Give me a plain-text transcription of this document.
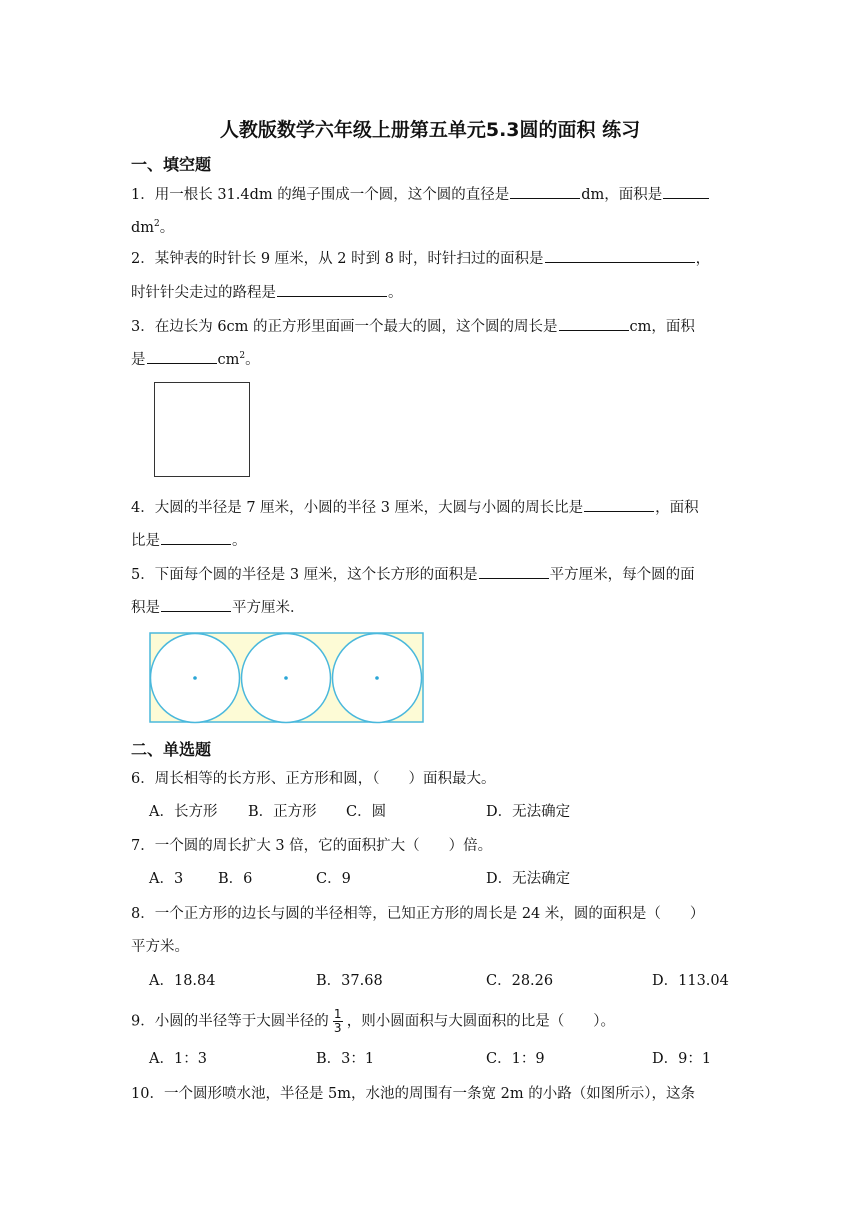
人教版数学六年级上册第五单元5.3圆的面积 练习
一、填空题
1．用一根长 31.4dm 的绳子围成一个圆，这个圆的直径是	dm，面积是
$dm^2$。
2．某钟表的时针长 9 厘米，从 2 时到 8 时，时针扫过的面积是	，
时针针尖走过的路程是	。
3．在边长为 6cm 的正方形里面画一个最大的圆，这个圆的周长是	cm，面积
是	$cm^2$。
4．大圆的半径是 7 厘米，小圆的半径 3 厘米，大圆与小圆的周长比是	，面积
比是	。
5．下面每个圆的半径是 3 厘米，这个长方形的面积是	平方厘米，每个圆的面
积是	平方厘米．
二、单选题
6．周长相等的长方形、正方形和圆，（　　）面积最大。
A．长方形 B．正方形 C．圆	D．无法确定
7．一个圆的周长扩大 3 倍，它的面积扩大（　　）倍。
A．3 B．6	C．9	D．无法确定
8．一个正方形的边长与圆的半径相等，已知正方形的周长是 24 米，圆的面积是（　　）
平方米。
A．18.84	B．37.68	C．28.26	D．113.04
9．小圆的半径等于大圆半径的 $\frac{1}{3}$ ，则小圆面积与大圆面积的比是（　　）。
A．1：3	B．3：1	C．1：9	D．9：1
10．一个圆形喷水池，半径是 5m，水池的周围有一条宽 2m 的小路（如图所示），这条
